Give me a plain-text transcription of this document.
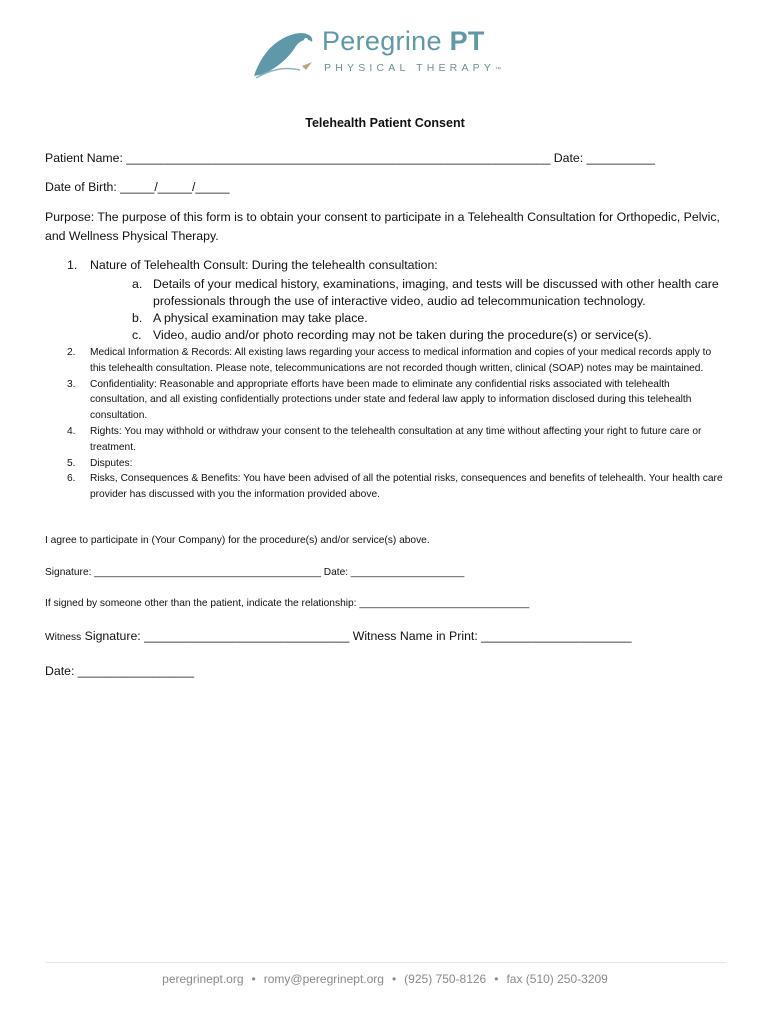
Peregrine PT
PHYSICAL THERAPY™
Telehealth Patient Consent
Patient Name: ______________________________________________________________ Date: __________
Date of Birth: _____/_____/_____
Purpose: The purpose of this form is to obtain your consent to participate in a Telehealth Consultation for Orthopedic, Pelvic, and Wellness Physical Therapy.
1. Nature of Telehealth Consult: During the telehealth consultation:
a. Details of your medical history, examinations, imaging, and tests will be discussed with other health care professionals through the use of interactive video, audio ad telecommunication technology.
b. A physical examination may take place.
c. Video, audio and/or photo recording may not be taken during the procedure(s) or service(s).
2. Medical Information & Records: All existing laws regarding your access to medical information and copies of your medical records apply to this telehealth consultation. Please note, telecommunications are not recorded though written, clinical (SOAP) notes may be maintained.
3. Confidentiality: Reasonable and appropriate efforts have been made to eliminate any confidential risks associated with telehealth consultation, and all existing confidentially protections under state and federal law apply to information disclosed during this telehealth consultation.
4. Rights: You may withhold or withdraw your consent to the telehealth consultation at any time without affecting your right to future care or treatment.
5. Disputes:
6. Risks, Consequences & Benefits: You have been advised of all the potential risks, consequences and benefits of telehealth. Your health care provider has discussed with you the information provided above.
I agree to participate in (Your Company) for the procedure(s) and/or service(s) above.
Signature: ________________________________________ Date: ____________________
If signed by someone other than the patient, indicate the relationship: ______________________________
Witness Signature: ______________________________ Witness Name in Print: ______________________
Date: _________________
peregrinept.org • romy@peregrinept.org • (925) 750-8126 • fax (510) 250-3209
